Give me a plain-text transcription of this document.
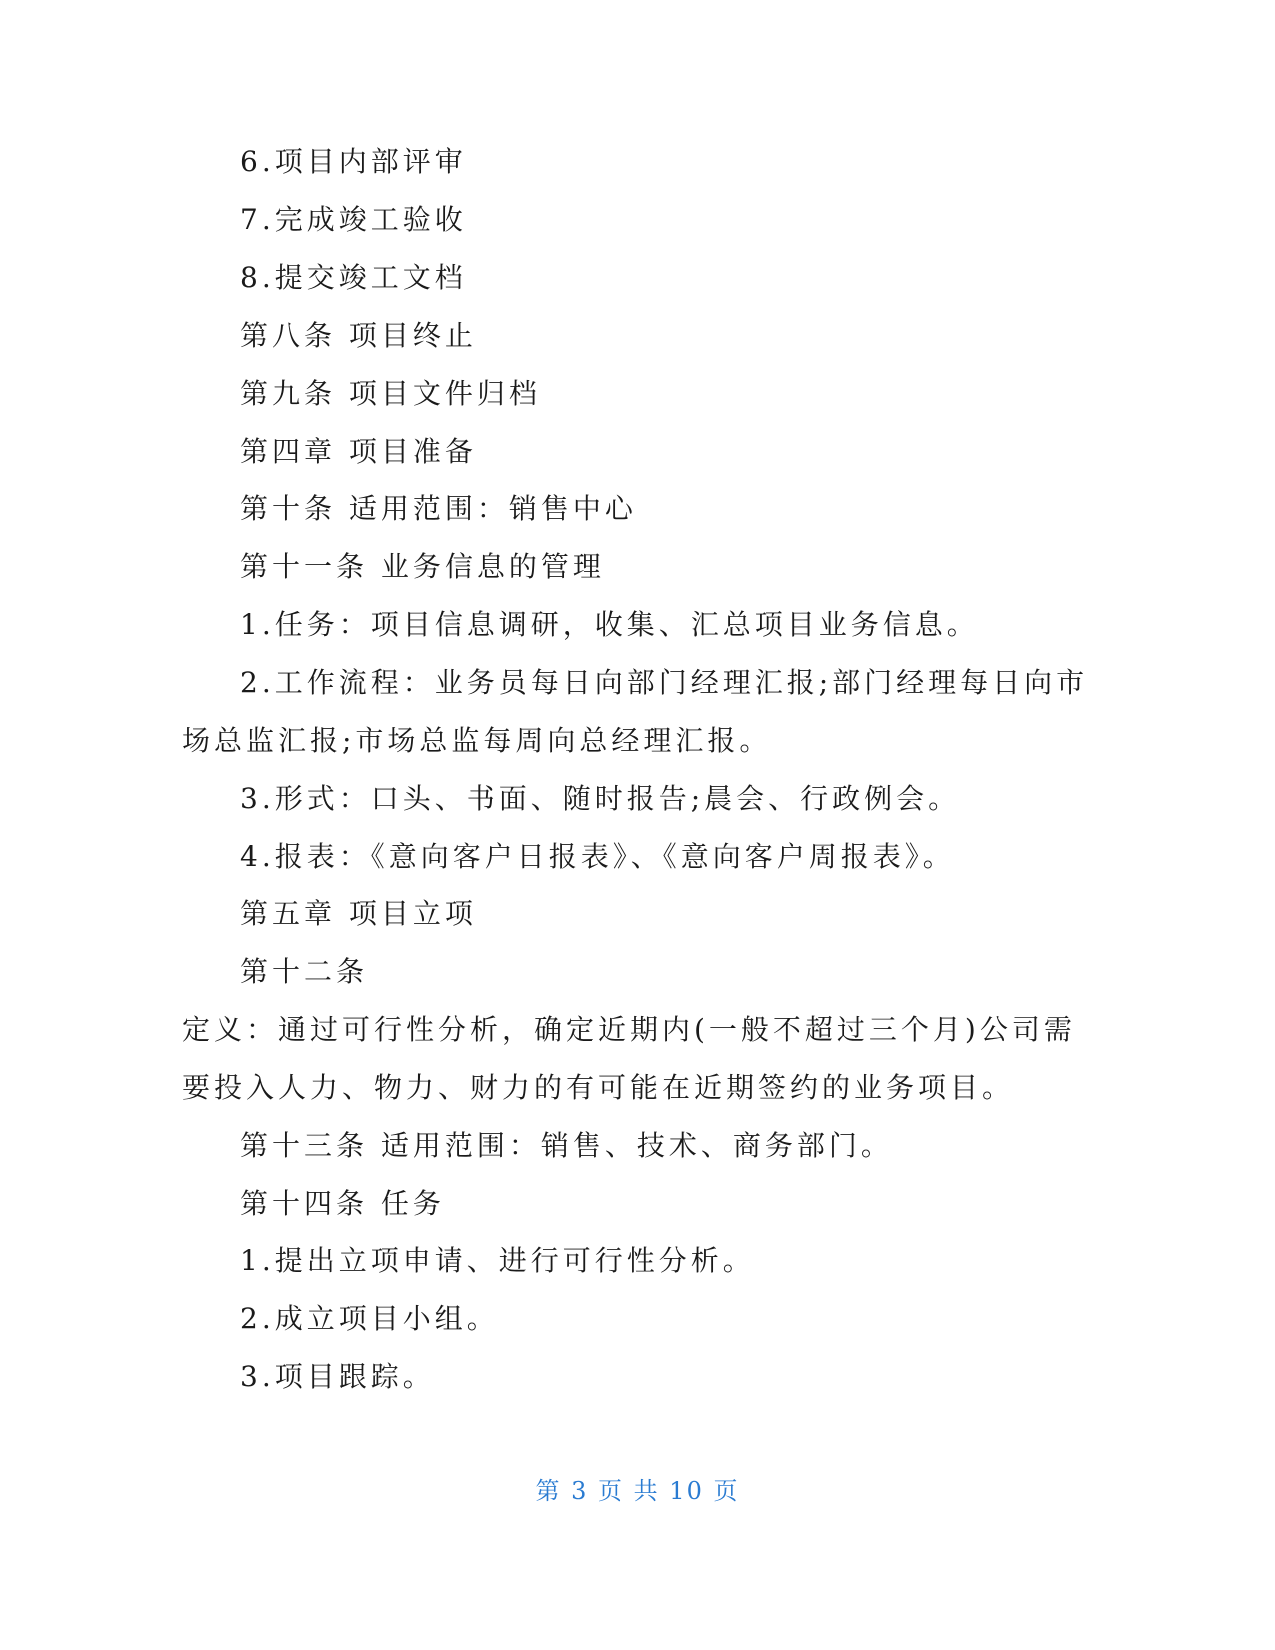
6.项目内部评审
7.完成竣工验收
8.提交竣工文档
第八条 项目终止
第九条 项目文件归档
第四章 项目准备
第十条 适用范围：销售中心
第十一条 业务信息的管理
1.任务：项目信息调研，收集、汇总项目业务信息。
2.工作流程：业务员每日向部门经理汇报;部门经理每日向市
场总监汇报;市场总监每周向总经理汇报。
3.形式：口头、书面、随时报告;晨会、行政例会。
4.报表：《意向客户日报表》、《意向客户周报表》。
第五章 项目立项
第十二条
定义：通过可行性分析，确定近期内(一般不超过三个月)公司需
要投入人力、物力、财力的有可能在近期签约的业务项目。
第十三条 适用范围：销售、技术、商务部门。
第十四条 任务
1.提出立项申请、进行可行性分析。
2.成立项目小组。
3.项目跟踪。
第 3 页 共 10 页
